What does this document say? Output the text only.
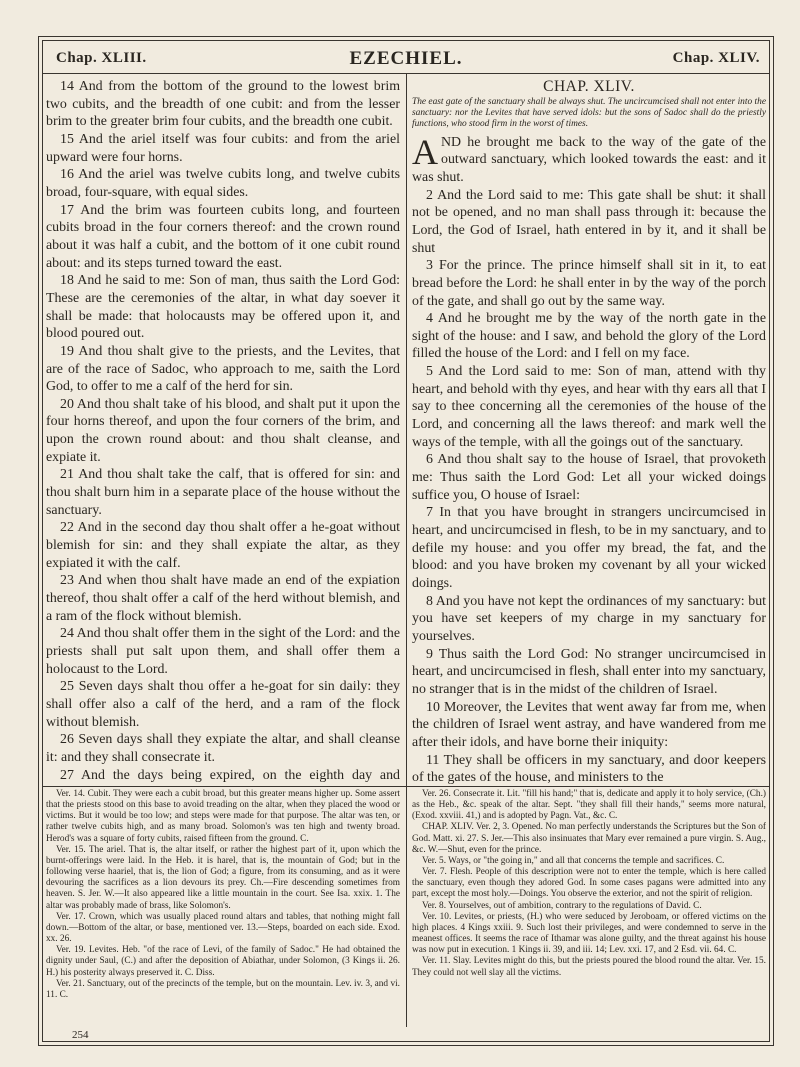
Chap. XLIII.	EZECHIEL.	Chap. XLIV.

14 And from the bottom of the ground to the lowest brim two cubits, and the breadth of one cubit: and from the lesser brim to the greater brim four cubits, and the breadth one cubit.

15 And the ariel itself was four cubits: and from the ariel upward were four horns.

16 And the ariel was twelve cubits long, and twelve cubits broad, four-square, with equal sides.

17 And the brim was fourteen cubits long, and fourteen cubits broad in the four corners thereof: and the crown round about it was half a cubit, and the bottom of it one cubit round about: and its steps turned toward the east.

18 And he said to me: Son of man, thus saith the Lord God: These are the ceremonies of the altar, in what day soever it shall be made: that holocausts may be offered upon it, and blood poured out.

19 And thou shalt give to the priests, and the Levites, that are of the race of Sadoc, who approach to me, saith the Lord God, to offer to me a calf of the herd for sin.

20 And thou shalt take of his blood, and shalt put it upon the four horns thereof, and upon the four corners of the brim, and upon the crown round about: and thou shalt cleanse, and expiate it.

21 And thou shalt take the calf, that is offered for sin: and thou shalt burn him in a separate place of the house without the sanctuary.

22 And in the second day thou shalt offer a he-goat without blemish for sin: and they shall expiate the altar, as they expiated it with the calf.

23 And when thou shalt have made an end of the expiation thereof, thou shalt offer a calf of the herd without blemish, and a ram of the flock without blemish.

24 And thou shalt offer them in the sight of the Lord: and the priests shall put salt upon them, and shall offer them a holocaust to the Lord.

25 Seven days shalt thou offer a he-goat for sin daily: they shall offer also a calf of the herd, and a ram of the flock without blemish.

26 Seven days shall they expiate the altar, and shall cleanse it: and they shall consecrate it.

27 And the days being expired, on the eighth day and

CHAP. XLIV.
The east gate of the sanctuary shall be always shut. The uncircumcised shall not enter into the sanctuary: nor the Levites that have served idols: but the sons of Sadoc shall do the priestly functions, who stood firm in the worst of times.

AND he brought me back to the way of the gate of the outward sanctuary, which looked towards the east: and it was shut.

2 And the Lord said to me: This gate shall be shut: it shall not be opened, and no man shall pass through it: because the Lord, the God of Israel, hath entered in by it, and it shall be shut

3 For the prince. The prince himself shall sit in it, to eat bread before the Lord: he shall enter in by the way of the porch of the gate, and shall go out by the same way.

4 And he brought me by the way of the north gate in the sight of the house: and I saw, and behold the glory of the Lord filled the house of the Lord: and I fell on my face.

5 And the Lord said to me: Son of man, attend with thy heart, and behold with thy eyes, and hear with thy ears all that I say to thee concerning all the ceremonies of the house of the Lord, and concerning all the laws thereof: and mark well the ways of the temple, with all the goings out of the sanctuary.

6 And thou shalt say to the house of Israel, that provoketh me: Thus saith the Lord God: Let all your wicked doings suffice you, O house of Israel:

7 In that you have brought in strangers uncircumcised in heart, and uncircumcised in flesh, to be in my sanctuary, and to defile my house: and you offer my bread, the fat, and the blood: and you have broken my covenant by all your wicked doings.

8 And you have not kept the ordinances of my sanctuary: but you have set keepers of my charge in my sanctuary for yourselves.

9 Thus saith the Lord God: No stranger uncircumcised in heart, and uncircumcised in flesh, shall enter into my sanctuary, no stranger that is in the midst of the children of Israel.

10 Moreover, the Levites that went away far from me, when the children of Israel went astray, and have wandered from me after their idols, and have borne their iniquity:

11 They shall be officers in my sanctuary, and door keepers of the gates of the house, and ministers to the

Ver. 14. Cubit. They were each a cubit broad, but this greater means higher up. Some assert that the priests stood on this base to avoid treading on the altar, when they placed the wood or victims. But it would be too low; and steps were made for that purpose. The altar was ten, or rather twelve cubits high, and as many broad. Solomon's was ten high and twenty broad. Herod's was a square of forty cubits, raised fifteen from the ground. C.

Ver. 15. The ariel. That is, the altar itself, or rather the highest part of it, upon which the burnt-offerings were laid. In the Heb. it is harel, that is, the mountain of God; but in the following verse haariel, that is, the lion of God; a figure, from its consuming, and as it were devouring the sacrifices as a lion devours its prey. Ch.—Fire descending sometimes from heaven. S. Jer. W.—It also appeared like a little mountain in the court. See Isa. xxix. 1. The altar was probably made of brass, like Solomon's.

Ver. 17. Crown, which was usually placed round altars and tables, that nothing might fall down.—Bottom of the altar, or base, mentioned ver. 13.—Steps, boarded on each side. Exod. xx. 26.

Ver. 19. Levites. Heb. "of the race of Levi, of the family of Sadoc." He had obtained the dignity under Saul, (C.) and after the deposition of Abiathar, under Solomon, (3 Kings ii. 26. H.) his posterity always preserved it. C. Diss.

Ver. 21. Sanctuary, out of the precincts of the temple, but on the mountain. Lev. iv. 3, and vi. 11. C.

Ver. 26. Consecrate it. Lit. "fill his hand;" that is, dedicate and apply it to holy service, (Ch.) as the Heb., &c. speak of the altar. Sept. "they shall fill their hands," seems more natural, (Exod. xxviii. 41,) and is adopted by Pagn. Vat., &c. C.

CHAP. XLIV. Ver. 2, 3. Opened. No man perfectly understands the Scriptures but the Son of God. Matt. xi. 27. S. Jer.—This also insinuates that Mary ever remained a pure virgin. S. Aug., &c. W.—Shut, even for the prince.

Ver. 5. Ways, or "the going in," and all that concerns the temple and sacrifices. C.

Ver. 7. Flesh. People of this description were not to enter the temple, which is here called the sanctuary, even though they adored God. In some cases pagans were admitted into any part, except the most holy.—Doings. You observe the exterior, and not the spirit of religion.

Ver. 8. Yourselves, out of ambition, contrary to the regulations of David. C.

Ver. 10. Levites, or priests, (H.) who were seduced by Jeroboam, or offered victims on the high places. 4 Kings xxiii. 9. Such lost their privileges, and were condemned to serve in the meanest offices. It seems the race of Ithamar was alone guilty, and the threat against his house was now put in execution. 1 Kings ii. 39, and iii. 14; Lev. xxi. 17, and 2 Esd. vii. 64. C.

Ver. 11. Slay. Levites might do this, but the priests poured the blood round the altar. Ver. 15. They could not well slay all the victims.

254
